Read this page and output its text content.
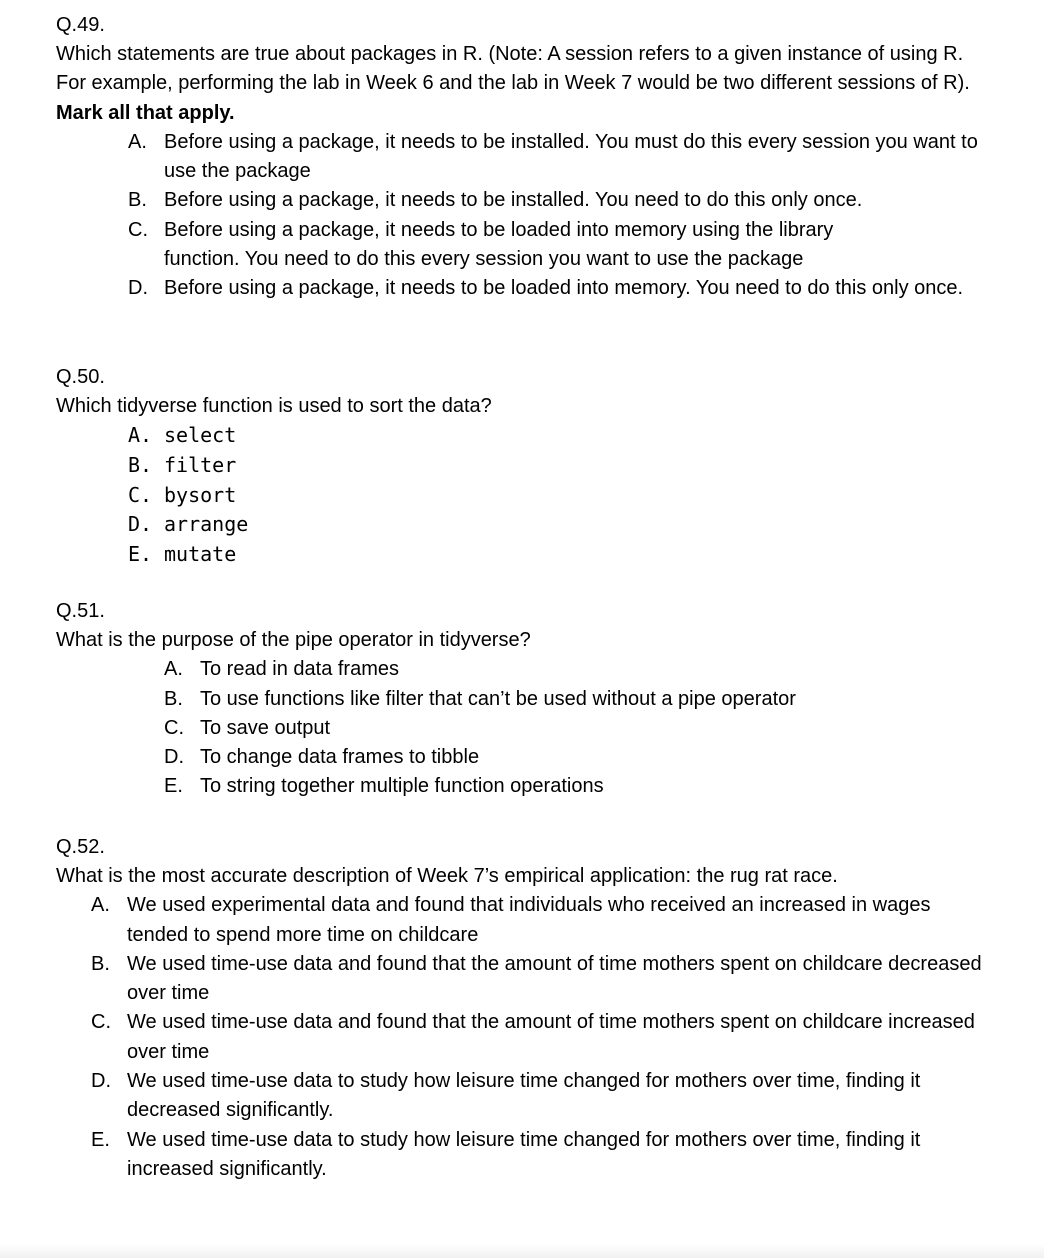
Q.49.
Which statements are true about packages in R. (Note: A session refers to a given instance of using R. For example, performing the lab in Week 6 and the lab in Week 7 would be two different sessions of R). Mark all that apply.
A. Before using a package, it needs to be installed. You must do this every session you want to use the package
B. Before using a package, it needs to be installed. You need to do this only once.
C. Before using a package, it needs to be loaded into memory using the library function. You need to do this every session you want to use the package
D. Before using a package, it needs to be loaded into memory. You need to do this only once.
Q.50.
Which tidyverse function is used to sort the data?
A. select
B. filter
C. bysort
D. arrange
E. mutate
Q.51.
What is the purpose of the pipe operator in tidyverse?
A. To read in data frames
B. To use functions like filter that can’t be used without a pipe operator
C. To save output
D. To change data frames to tibble
E. To string together multiple function operations
Q.52.
What is the most accurate description of Week 7’s empirical application: the rug rat race.
A. We used experimental data and found that individuals who received an increased in wages tended to spend more time on childcare
B. We used time-use data and found that the amount of time mothers spent on childcare decreased over time
C. We used time-use data and found that the amount of time mothers spent on childcare increased over time
D. We used time-use data to study how leisure time changed for mothers over time, finding it decreased significantly.
E. We used time-use data to study how leisure time changed for mothers over time, finding it increased significantly.
